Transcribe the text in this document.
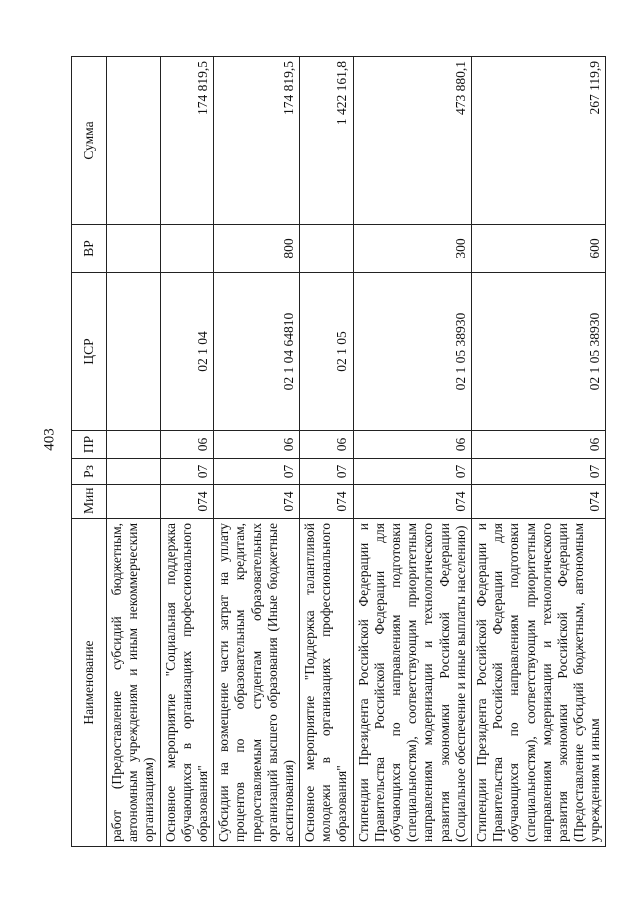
403
Наименование	Мин	Рз	ПР	ЦСР	ВР	Сумма
работ (Предоставление субсидий бюджетным, автономным учреждениям и иным некоммерческим организациям)						
Основное мероприятие "Социальная поддержка обучающихся в организациях профессионального образования"	074	07	06	02 1 04		174 819,5
Субсидии на возмещение части затрат на уплату процентов по образовательным кредитам, предоставляемым студентам образовательных организаций высшего образования (Иные бюджетные ассигнования)	074	07	06	02 1 04 64810	800	174 819,5
Основное мероприятие "Поддержка талантливой молодежи в организациях профессионального образования"	074	07	06	02 1 05		1 422 161,8
Стипендии Президента Российской Федерации и Правительства Российской Федерации для обучающихся по направлениям подготовки (специальностям), соответствующим приоритетным направлениям модернизации и технологического развития экономики Российской Федерации (Социальное обеспечение и иные выплаты населению)	074	07	06	02 1 05 38930	300	473 880,1
Стипендии Президента Российской Федерации и Правительства Российской Федерации для обучающихся по направлениям подготовки (специальностям), соответствующим приоритетным направлениям модернизации и технологического развития экономики Российской Федерации (Предоставление субсидий бюджетным, автономным учреждениям и иным	074	07	06	02 1 05 38930	600	267 119,9
